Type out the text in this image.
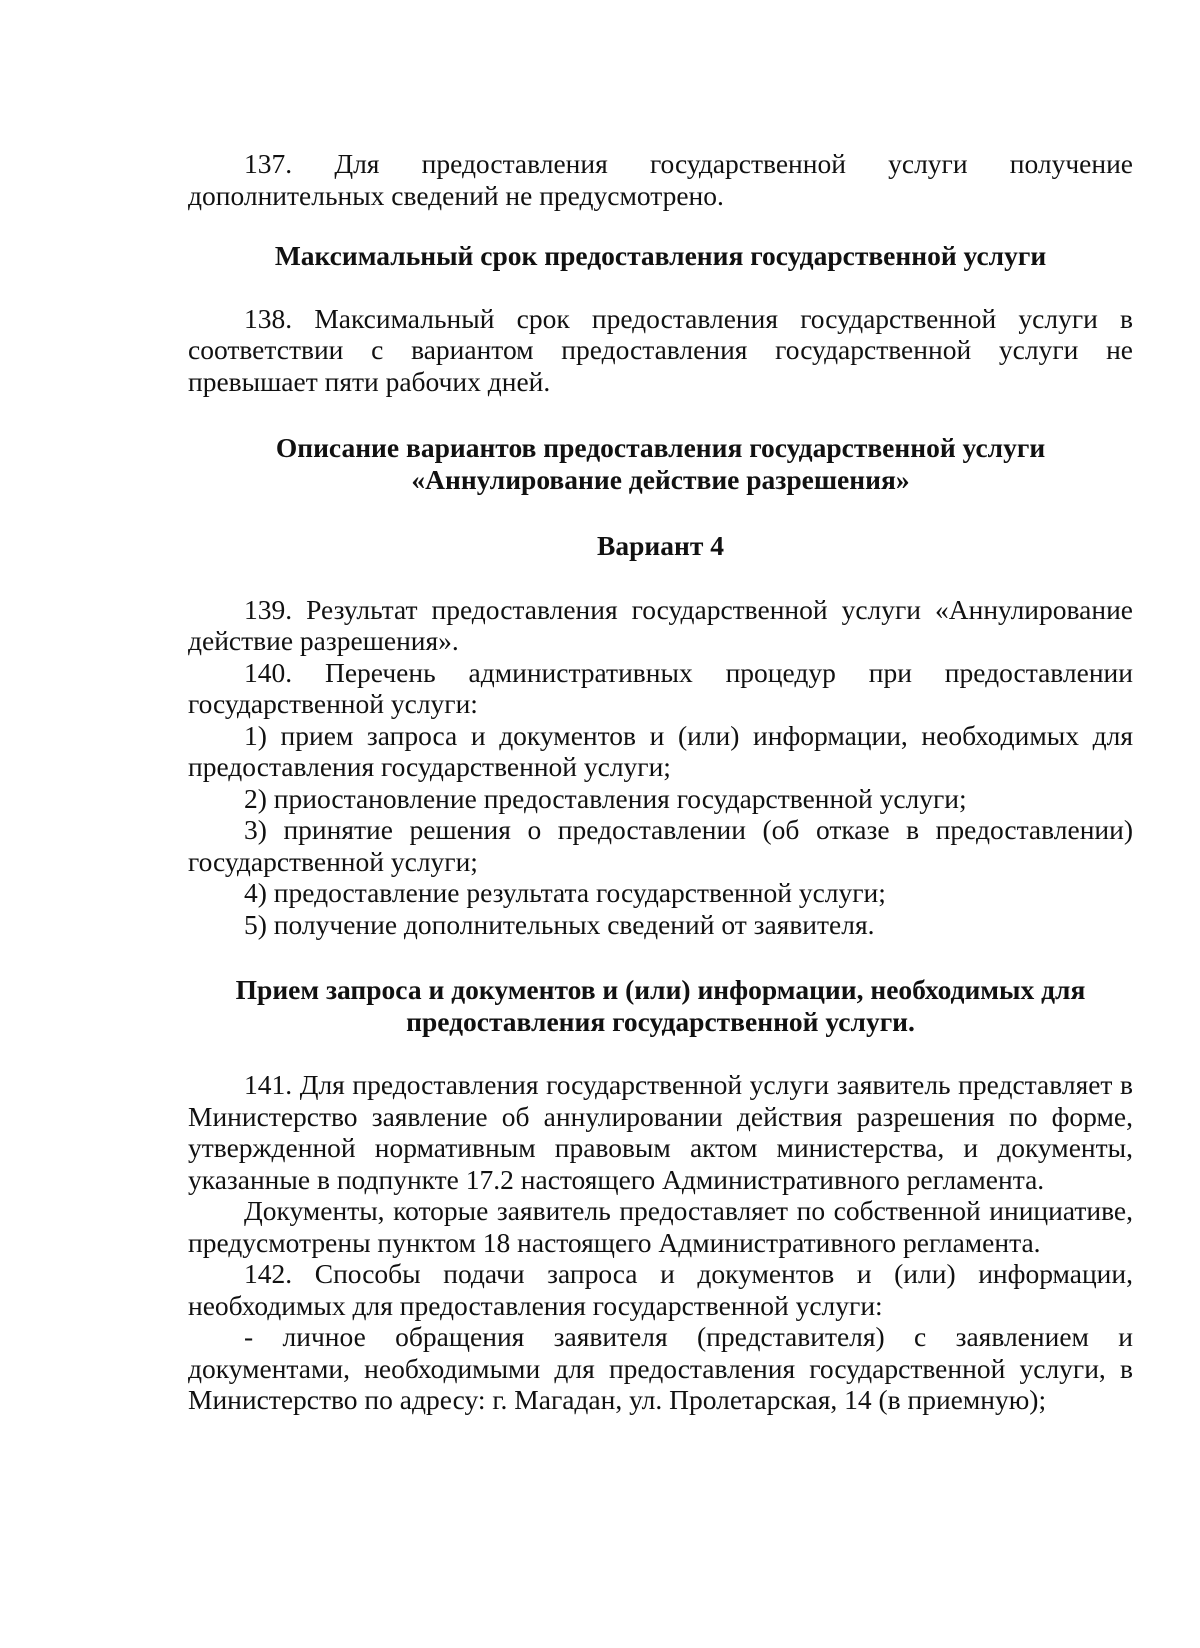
137. Для предоставления государственной услуги получение дополнительных сведений не предусмотрено.

Максимальный срок предоставления государственной услуги

138. Максимальный срок предоставления государственной услуги в соответствии с вариантом предоставления государственной услуги не превышает пяти рабочих дней.

Описание вариантов предоставления государственной услуги
«Аннулирование действие разрешения»
Вариант 4

139. Результат предоставления государственной услуги «Аннулирование действие разрешения».

140. Перечень административных процедур при предоставлении государственной услуги:

1) прием запроса и документов и (или) информации, необходимых для предоставления государственной услуги;

2) приостановление предоставления государственной услуги;

3) принятие решения о предоставлении (об отказе в предоставлении) государственной услуги;

4) предоставление результата государственной услуги;

5) получение дополнительных сведений от заявителя.

Прием запроса и документов и (или) информации, необходимых для
предоставления государственной услуги.

141. Для предоставления государственной услуги заявитель представляет в Министерство заявление об аннулировании действия разрешения по форме, утвержденной нормативным правовым актом министерства, и документы, указанные в подпункте 17.2 настоящего Административного регламента.

Документы, которые заявитель предоставляет по собственной инициативе, предусмотрены пунктом 18 настоящего Административного регламента.

142. Способы подачи запроса и документов и (или) информации, необходимых для предоставления государственной услуги:

- личное обращения заявителя (представителя) с заявлением и документами, необходимыми для предоставления государственной услуги, в Министерство по адресу: г. Магадан, ул. Пролетарская, 14 (в приемную);
